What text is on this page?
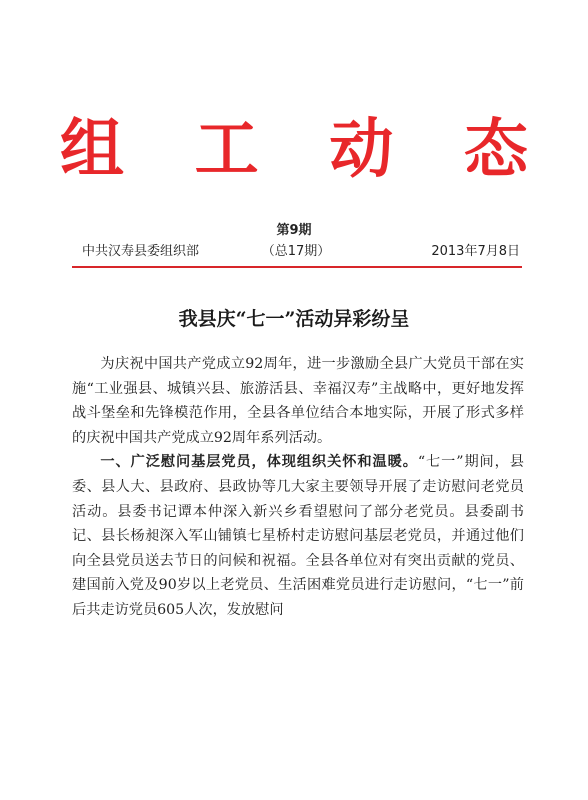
组 工 动 态
第9期
中共汉寿县委组织部	（总17期）	2013年7月8日
我县庆“七一”活动异彩纷呈

为庆祝中国共产党成立92周年，进一步激励全县广大党员干部在实施“工业强县、城镇兴县、旅游活县、幸福汉寿”主战略中，更好地发挥战斗堡垒和先锋模范作用，全县各单位结合本地实际，开展了形式多样的庆祝中国共产党成立92周年系列活动。

一、广泛慰问基层党员，体现组织关怀和温暖。“七一”期间，县委、县人大、县政府、县政协等几大家主要领导开展了走访慰问老党员活动。县委书记谭本仲深入新兴乡看望慰问了部分老党员。县委副书记、县长杨昶深入军山铺镇七星桥村走访慰问基层老党员，并通过他们向全县党员送去节日的问候和祝福。全县各单位对有突出贡献的党员、建国前入党及90岁以上老党员、生活困难党员进行走访慰问，“七一”前后共走访党员605人次，发放慰问
